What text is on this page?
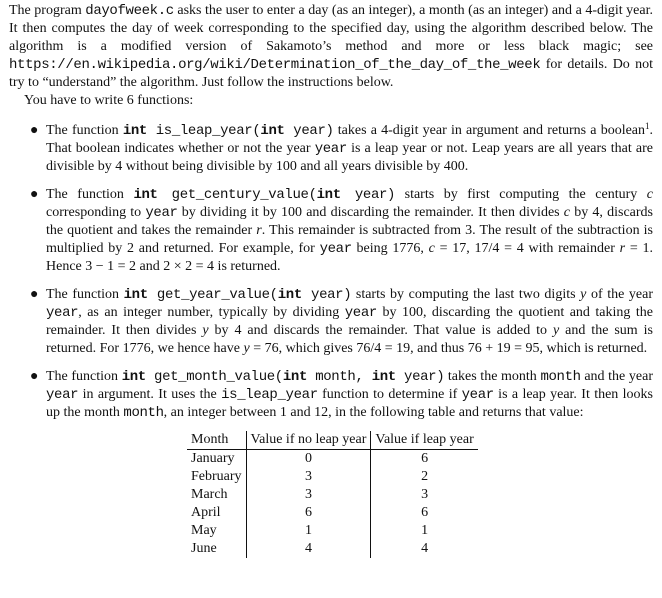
The program dayofweek.c asks the user to enter a day (as an integer), a month (as an integer) and a 4-digit year. It then computes the day of week corresponding to the specified day, using the algorithm described below. The algorithm is a modified version of Sakamoto’s method and more or less black magic; see https://en.wikipedia.org/wiki/Determination_of_the_day_of_the_week for details. Do not try to “understand” the algorithm. Just follow the instructions below.

You have to write 6 functions:

● The function int is_leap_year(int year) takes a 4-digit year in argument and returns a boolean$^1$. That boolean indicates whether or not the year year is a leap year or not. Leap years are all years that are divisible by 4 without being divisible by 100 and all years divisible by 400.
● The function int get_century_value(int year) starts by first computing the century c corresponding to year by dividing it by 100 and discarding the remainder. It then divides c by 4, discards the quotient and takes the remainder r. This remainder is subtracted from 3. The result of the subtraction is multiplied by 2 and returned. For example, for year being 1776, c = 17, 17/4 = 4 with remainder r = 1. Hence 3 − 1 = 2 and 2 × 2 = 4 is returned.
● The function int get_year_value(int year) starts by computing the last two digits y of the year year, as an integer number, typically by dividing year by 100, discarding the quotient and taking the remainder. It then divides y by 4 and discards the remainder. That value is added to y and the sum is returned. For 1776, we hence have y = 76, which gives 76/4 = 19, and thus 76 + 19 = 95, which is returned.
● The function int get_month_value(int month, int year) takes the month month and the year year in argument. It uses the is_leap_year function to determine if year is a leap year. It then looks up the month month, an integer between 1 and 12, in the following table and returns that value:
Month	Value if no leap year	Value if leap year
January	0	6
February	3	2
March	3	3
April	6	6
May	1	1
June	4	4
